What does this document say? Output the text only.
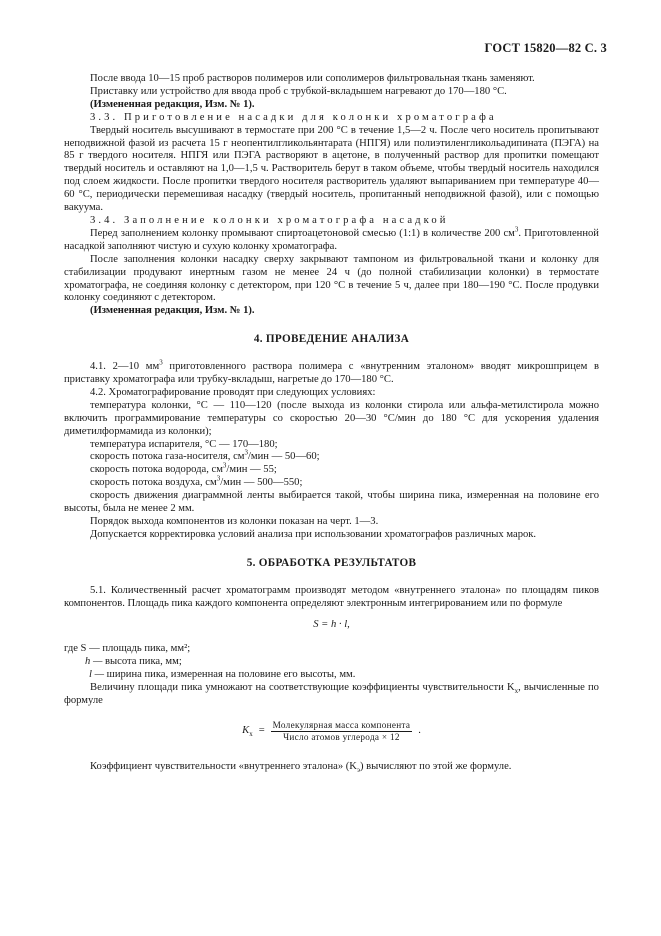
ГОСТ 15820—82 С. 3

После ввода 10—15 проб растворов полимеров или сополимеров фильтровальная ткань заменяют.

Приставку или устройство для ввода проб с трубкой-вкладышем нагревают до 170—180 °С.

(Измененная редакция, Изм. № 1).

3.3. Приготовление насадки для колонки хроматографа

Твердый носитель высушивают в термостате при 200 °С в течение 1,5—2 ч. После чего носитель пропитывают неподвижной фазой из расчета 15 г неопентилгликольянтарата (НПГЯ) или полиэтиленгликольадипината (ПЭГА) на 85 г твердого носителя. НПГЯ или ПЭГА растворяют в ацетоне, в полученный раствор для пропитки помещают твердый носитель и оставляют на 1,0—1,5 ч. Растворитель берут в таком объеме, чтобы твердый носитель находился под слоем жидкости. После пропитки твердого носителя растворитель удаляют выпариванием при температуре 40—60 °С, периодически перемешивая насадку (твердый носитель, пропитанный неподвижной фазой), или с помощью вакуума.

3.4. Заполнение колонки хроматографа насадкой

Перед заполнением колонку промывают спиртоацетоновой смесью (1:1) в количестве 200 $см^3$. Приготовленной насадкой заполняют чистую и сухую колонку хроматографа.

После заполнения колонки насадку сверху закрывают тампоном из фильтровальной ткани и колонку для стабилизации продувают инертным газом не менее 24 ч (до полной стабилизации колонки) в термостате хроматографа, не соединяя колонку с детектором, при 120 °С в течение 5 ч, далее при 180—190 °С. После продувки колонку соединяют с детектором.

(Измененная редакция, Изм. № 1).

4. ПРОВЕДЕНИЕ АНАЛИЗА

4.1. 2—10 $мм^3$ приготовленного раствора полимера с «внутренним эталоном» вводят микрошприцем в приставку хроматографа или трубку-вкладыш, нагретые до 170—180 °С.

4.2. Хроматографирование проводят при следующих условиях:

температура колонки, °С — 110—120 (после выхода из колонки стирола или альфа-метилстирола можно включить программирование температуры со скоростью 20—30 °С/мин до 180 °С для ускорения удаления диметилформамида из колонки);

температура испарителя, °С — 170—180;

скорость потока газа-носителя, $см^3$/мин — 50—60;

скорость потока водорода, $см^3$/мин — 55;

скорость потока воздуха, $см^3$/мин — 500—550;

скорость движения диаграммной ленты выбирается такой, чтобы ширина пика, измеренная на половине его высоты, была не менее 2 мм.

Порядок выхода компонентов из колонки показан на черт. 1—3.

Допускается корректировка условий анализа при использовании хроматографов различных марок.

5. ОБРАБОТКА РЕЗУЛЬТАТОВ

5.1. Количественный расчет хроматограмм производят методом «внутреннего эталона» по площадям пиков компонентов. Площадь пика каждого компонента определяют электронным интегрированием или по формуле

S = h · l,

где S — площадь пика, мм²;
h — высота пика, мм;
l — ширина пика, измеренная на половине его высоты, мм.

Величину площади пика умножают на соответствующие коэффициенты чувствительности $K_х$, вычисленные по формуле

$K_х = \frac{\text{Молекулярная масса компонента}}{\text{Число атомов углерода × 12}}$ .

Коэффициент чувствительности «внутреннего эталона» $(K_э)$ вычисляют по этой же формуле.
